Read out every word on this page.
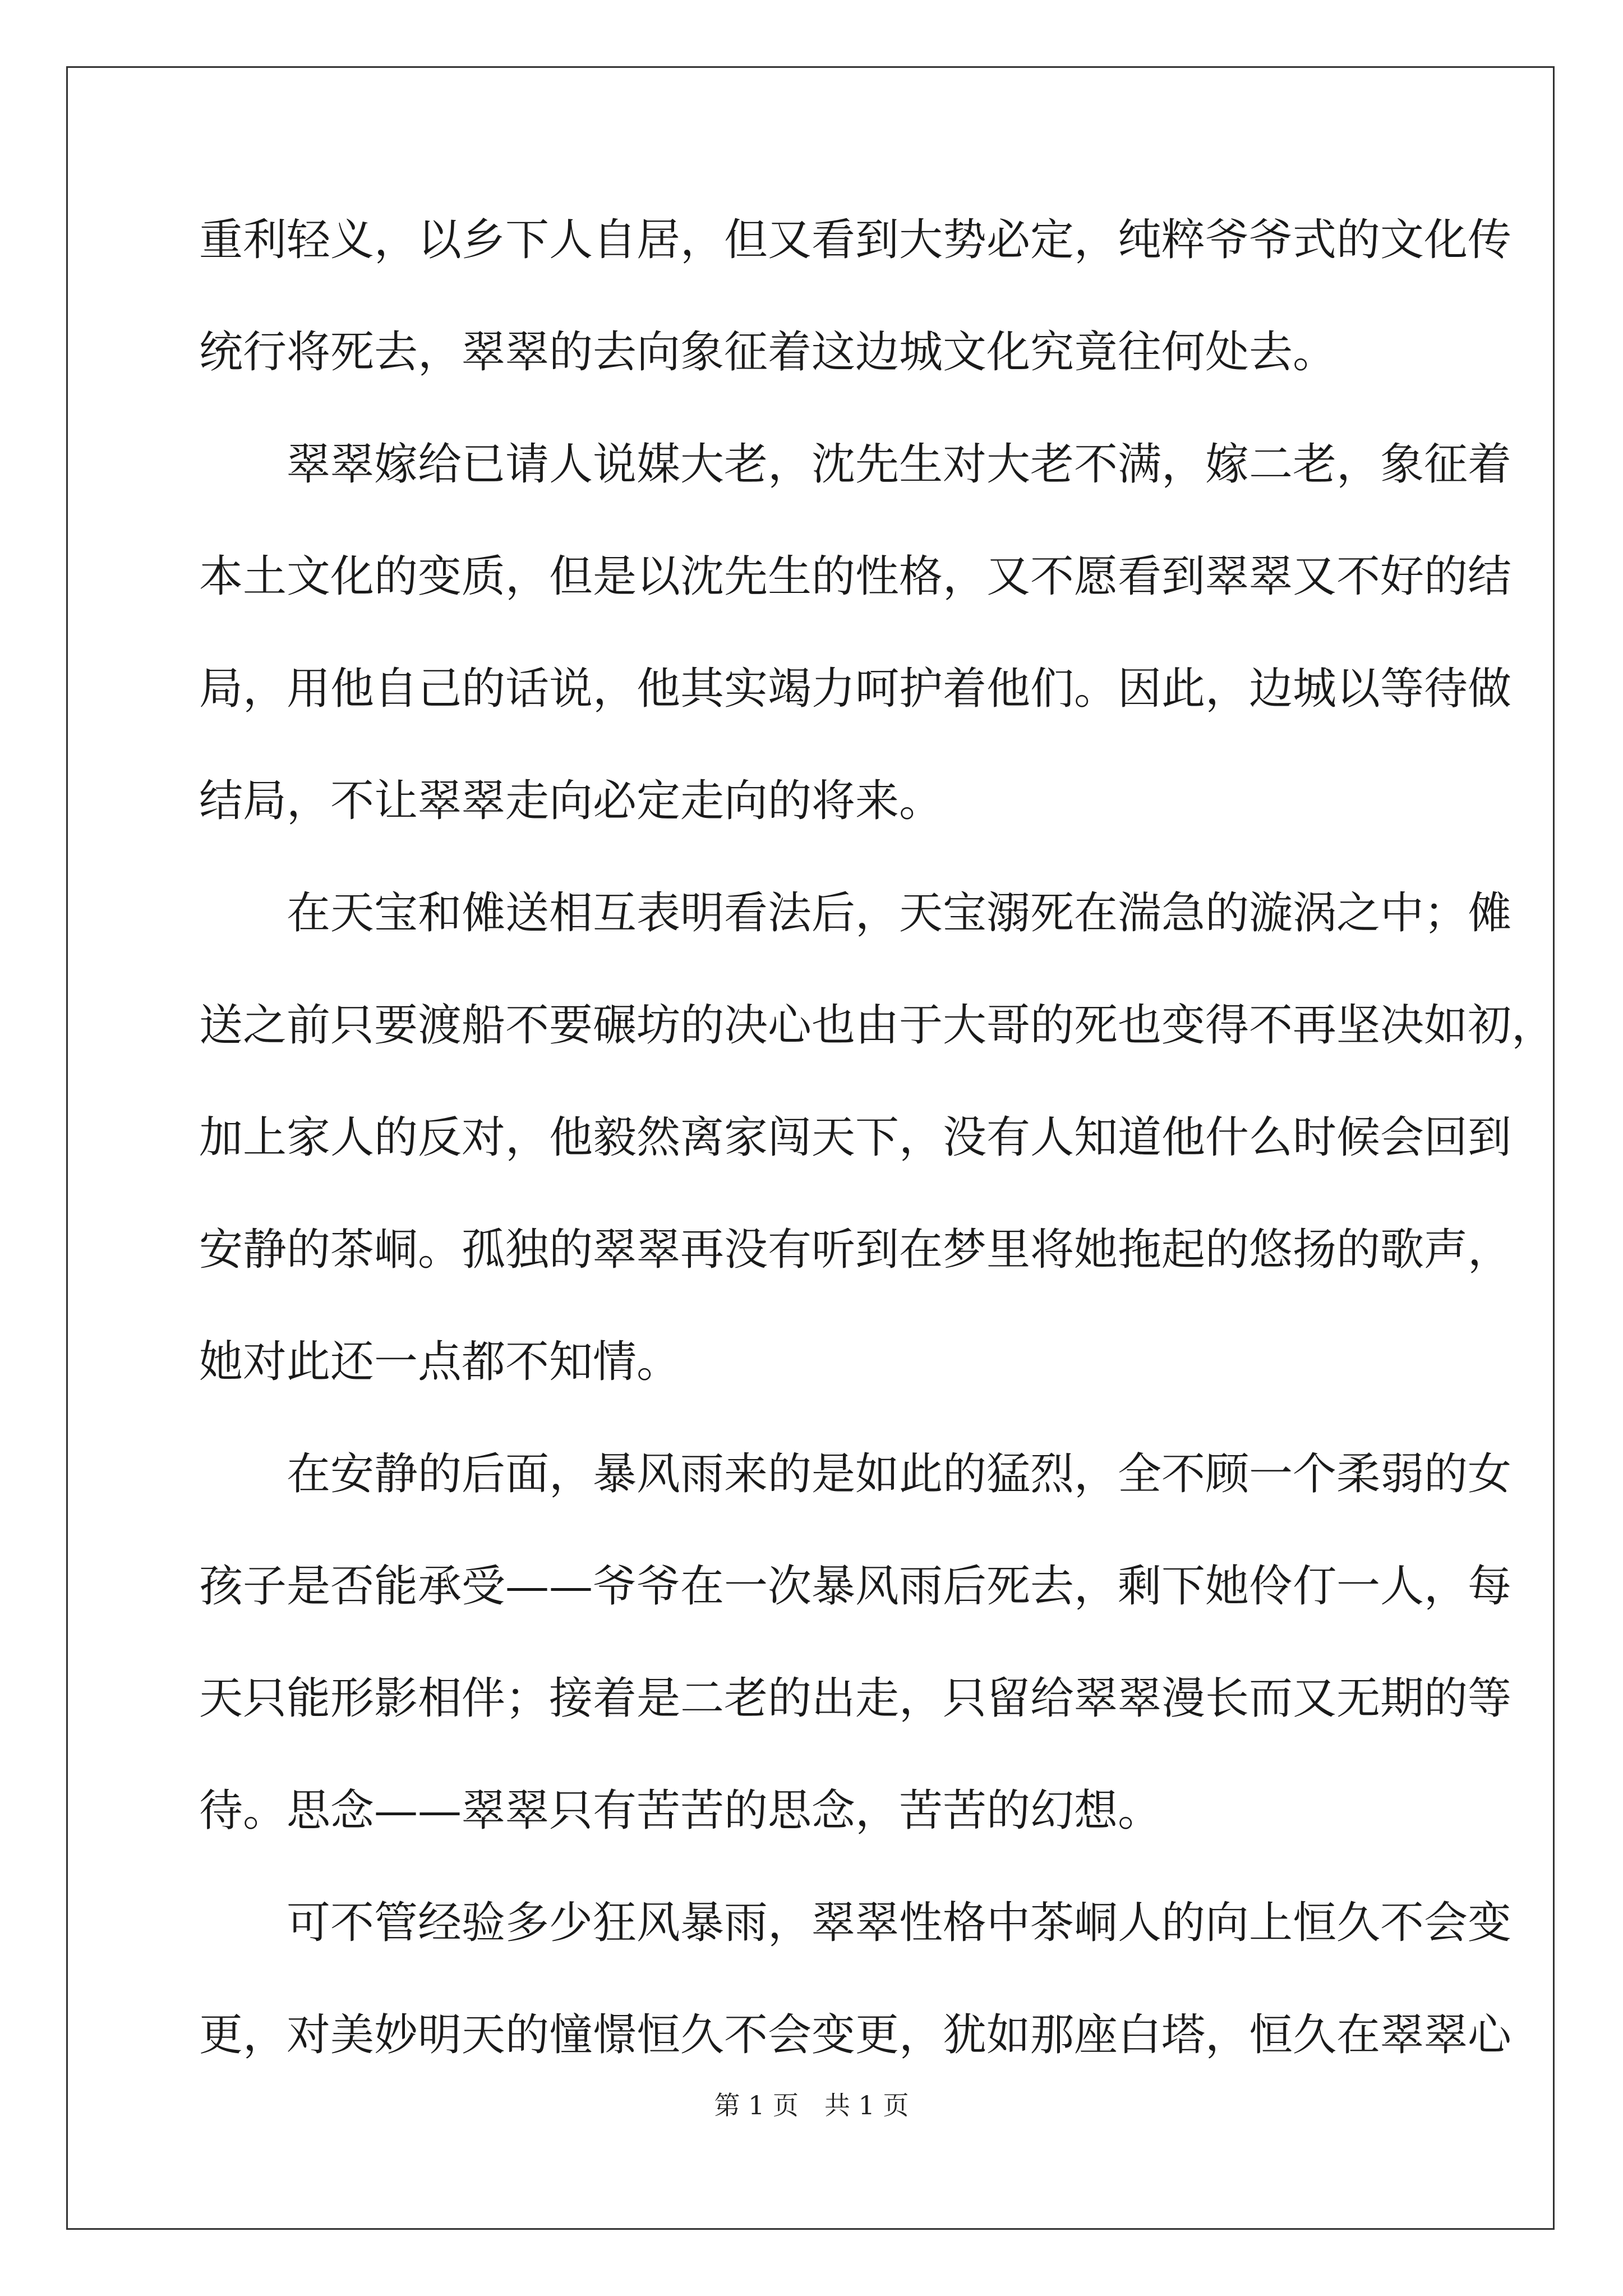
重利轻义，以乡下人自居，但又看到大势必定，纯粹爷爷式的文化传
统行将死去，翠翠的去向象征着这边城文化究竟往何处去。
翠翠嫁给已请人说媒大老，沈先生对大老不满，嫁二老，象征着
本土文化的变质，但是以沈先生的性格，又不愿看到翠翠又不好的结
局，用他自己的话说，他其实竭力呵护着他们。因此，边城以等待做
结局，不让翠翠走向必定走向的将来。
在天宝和傩送相互表明看法后，天宝溺死在湍急的漩涡之中；傩
送之前只要渡船不要碾坊的决心也由于大哥的死也变得不再坚决如初，
加上家人的反对，他毅然离家闯天下，没有人知道他什么时候会回到
安静的茶峒。孤独的翠翠再没有听到在梦里将她拖起的悠扬的歌声，
她对此还一点都不知情。
在安静的后面，暴风雨来的是如此的猛烈，全不顾一个柔弱的女
孩子是否能承受——爷爷在一次暴风雨后死去，剩下她伶仃一人，每
天只能形影相伴；接着是二老的出走，只留给翠翠漫长而又无期的等
待。思念——翠翠只有苦苦的思念，苦苦的幻想。
可不管经验多少狂风暴雨，翠翠性格中茶峒人的向上恒久不会变
更，对美妙明天的憧憬恒久不会变更，犹如那座白塔，恒久在翠翠心
第 1 页 共 1 页
